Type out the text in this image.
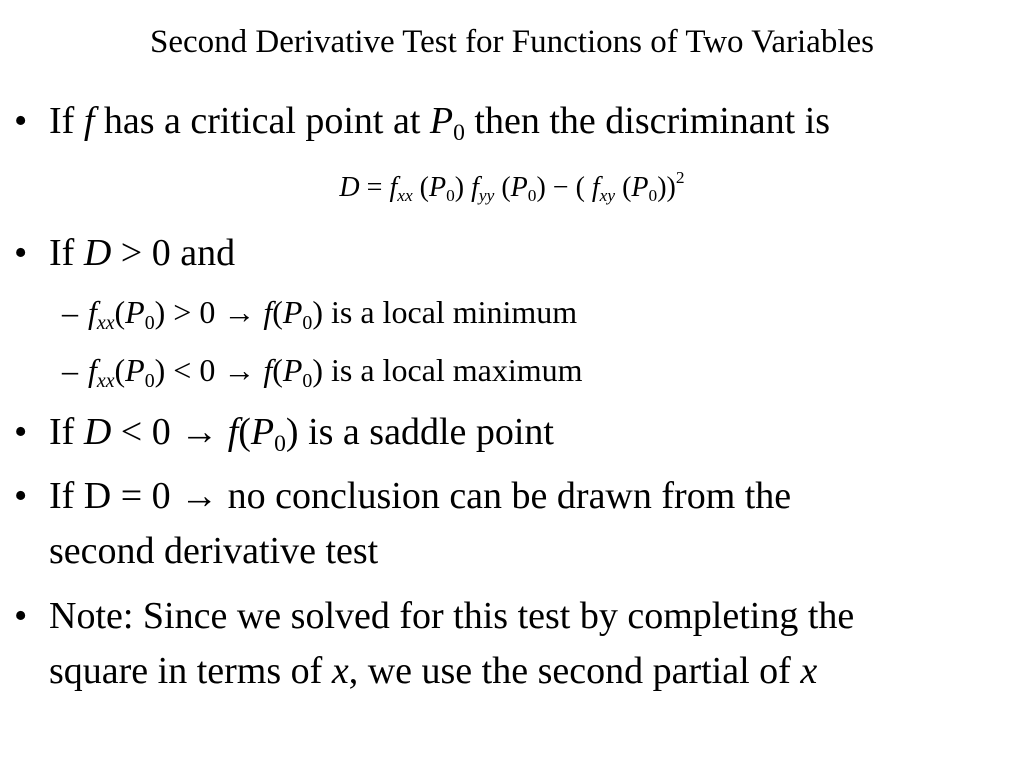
Second Derivative Test for Functions of Two Variables
• If f has a critical point at $P_0$ then the discriminant is
$D = f_{xx}$ $(P_0)$ $f_{yy}$ $(P_0)$ − ( $f_{xy}$ $(P_0))^2$
• If D > 0 and
– $f_{xx}(P_0) > 0 \to f(P_0)$ is a local minimum
– $f_{xx}(P_0) < 0 \to f(P_0)$ is a local maximum
• If $D < 0 \to f(P_0)$ is a saddle point
• If D = 0 → no conclusion can be drawn from the
second derivative test
• Note: Since we solved for this test by completing the
square in terms of x, we use the second partial of x
